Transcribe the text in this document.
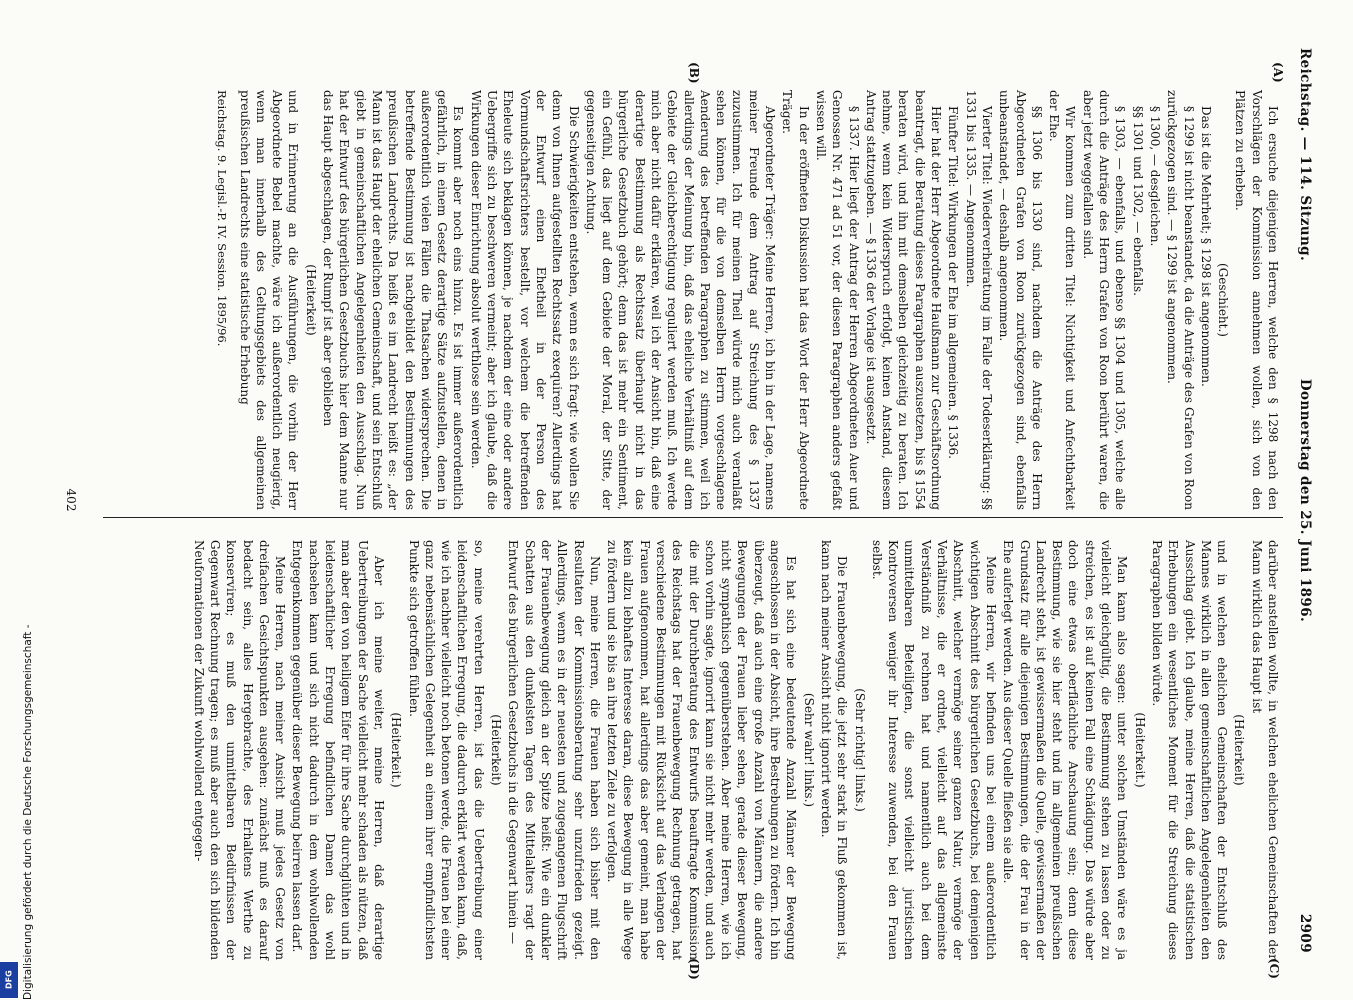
Reichstag. — 114. Sitzung.
Donnerstag den 25. Juni 1896.
2909
(A)
(B)
(C)
(D)

Ich ersuche diejenigen Herren, welche den § 1298 nach den Vorschlägen der Kommission annehmen wollen, sich von den Plätzen zu erheben.

(Geschieht.)

Das ist die Mehrheit; § 1298 ist angenommen.

§ 1299 ist nicht beanstandet, da die Anträge des Grafen von Roon zurückgezogen sind. — § 1299 ist angenommen.

§ 1300, — desgleichen.

§§ 1301 und 1302, — ebenfalls.

§ 1303, — ebenfalls, und ebenso §§ 1304 und 1305, welche alle durch die Anträge des Herrn Grafen von Roon berührt waren, die aber jetzt weggefallen sind.

Wir kommen zum dritten Titel: Nichtigkeit und Anfechtbarkeit der Ehe.

§§ 1306 bis 1330 sind, nachdem die Anträge des Herrn Abgeordneten Grafen von Roon zurückgezogen sind, ebenfalls unbeanstandet, — deshalb angenommen.

Vierter Titel: Wiederverheiratung im Falle der Todeserklärung: §§ 1331 bis 1335. — Angenommen.

Fünfter Titel: Wirkungen der Ehe im allgemeinen. § 1336.

Hier hat der Herr Abgeordnete Haußmann zur Geschäftsordnung beantragt, die Beratung dieses Paragraphen auszusetzen, bis § 1554 beraten wird, und ihn mit demselben gleichzeitig zu beraten. Ich nehme, wenn kein Widerspruch erfolgt, keinen Anstand, diesem Antrag stattzugeben. — § 1336 der Vorlage ist ausgesetzt.

§ 1337. Hier liegt der Antrag der Herren Abgeordneten Auer und Genossen Nr. 471 ad 51 vor, der diesen Paragraphen anders gefaßt wissen will.

In der eröffneten Diskussion hat das Wort der Herr Abgeordnete Träger.

Abgeordneter Träger: Meine Herren, ich bin in der Lage, namens meiner Freunde dem Antrag auf Streichung des § 1337 zuzustimmen. Ich für meinen Theil würde mich auch veranlaßt sehen können, für die von demselben Herrn vorgeschlagene Aenderung des betreffenden Paragraphen zu stimmen, weil ich allerdings der Meinung bin, daß das eheliche Verhältniß auf dem Gebiete der Gleichberechtigung reguliert werden muß. Ich werde mich aber nicht dafür erklären, weil ich der Ansicht bin, daß eine derartige Bestimmung als Rechtssatz überhaupt nicht in das bürgerliche Gesetzbuch gehört; denn das ist mehr ein Sentiment, ein Gefühl, das liegt auf dem Gebiete der Moral, der Sitte, der gegenseitigen Achtung.

Die Schwierigkeiten entstehen, wenn es sich fragt: wie wollen Sie denn von Ihnen aufgestellten Rechtssatz exequiren? Allerdings hat der Entwurf einen Ehetheil in der Person des Vormundschaftsrichters bestellt, vor welchem die betreffenden Eheleute sich beklagen können, je nachdem der eine oder andere Uebergriffe sich zu beschweren vermeint; aber ich glaube, daß die Wirkungen dieser Einrichtung absolut werthlose sein werden.

Es kommt aber noch eins hinzu. Es ist immer außerordentlich gefährlich, in einem Gesetz derartige Sätze aufzustellen, denen in außerordentlich vielen Fällen die Thatsachen widersprechen. Die betreffende Bestimmung ist nachgebildet den Bestimmungen des preußischen Landrechts. Da heißt es im Landrecht heißt es: „der Mann ist das Haupt der ehelichen Gemeinschaft, und sein Entschluß giebt in gemeinschaftlichen Angelegenheiten den Ausschlag. Nun hat der Entwurf des bürgerlichen Gesetzbuchs hier dem Manne nur das Haupt abgeschlagen, der Rumpf ist aber geblieben

(Heiterkeit)

und in Erinnerung an die Ausführungen, die vorhin der Herr Abgeordnete Bebel machte, wäre ich außerordentlich neugierig, wenn man innerhalb des Geltungsgebiets des allgemeinen preußischen Landrechts eine statistische Erhebung

Reichstag. 9. Legisl.-P. IV. Session. 1895/96.

darüber anstellen wollte, in welchen ehelichen Gemeinschaften der Mann wirklich das Haupt ist

(Heiterkeit)

und in welchen ehelichen Gemeinschaften der Entschluß des Mannes wirklich in allen gemeinschaftlichen Angelegenheiten den Ausschlag giebt. Ich glaube, meine Herren, daß die statistischen Erhebungen ein wesentliches Moment für die Streichung dieses Paragraphen bilden würde.

(Heiterkeit.)

Man kann also sagen: unter solchen Umständen wäre es ja vielleicht gleichgültig, die Bestimmung stehen zu lassen oder zu streichen, es ist auf keinen Fall eine Schädigung. Das würde aber doch eine etwas oberflächliche Anschauung sein; denn diese Bestimmung, wie sie hier steht und im allgemeinen preußischen Landrecht steht, ist gewissermaßen die Quelle, gewissermaßen der Grundsatz für alle diejenigen Bestimmungen, die der Frau in der Ehe auferlegt werden. Aus dieser Quelle fließen sie alle.

Meine Herren, wir befinden uns bei einem außerordentlich wichtigen Abschnitt des bürgerlichen Gesetzbuchs, bei demjenigen Abschnitt, welcher vermöge seiner ganzen Natur, vermöge der Verhältnisse, die er ordnet, vielleicht auf das allgemeinste Verständniß zu rechnen hat und namentlich auch bei dem unmittelbaren Beteiligten, die sonst vielleicht juristischen Kontroversen weniger ihr Interesse zuwenden, bei den Frauen selbst.

(Sehr richtig! links.)

Die Frauenbewegung, die jetzt sehr stark in Fluß gekommen ist, kann nach meiner Ansicht nicht ignorirt werden.

(Sehr wahr! links.)

Es hat sich eine bedeutende Anzahl Männer der Bewegung angeschlossen in der Absicht, ihre Bestrebungen zu fördern. Ich bin überzeugt, daß auch eine große Anzahl von Männern, die andere Bewegungen der Frauen lieber sehen, gerade dieser Bewegung, nicht sympathisch gegenüberstehen. Aber meine Herren, wie ich schon vorhin sagte, ignorirt kann sie nicht mehr werden, und auch die mit der Durchberatung des Entwurfs beauftragte Kommission des Reichstags hat der Frauenbewegung Rechnung getragen, hat verschiedene Bestimmungen mit Rücksicht auf das Verlangen der Frauen aufgenommen, hat allerdings das aber gemeint, man habe kein allzu lebhaftes Interesse daran, diese Bewegung in alle Wege zu fördern und sie bis an ihre letzten Ziele zu verfolgen.

Nun, meine Herren, die Frauen haben sich bisher mit den Resultaten der Kommissionsberatung sehr unzufrieden gezeigt. Allerdings, wenn es in der neuesten und zugegangenen Flugschrift der Frauenbewegung gleich an der Spitze heißt: Wie ein dunkler Schatten aus den dunkelsten Tagen des Mittelalters ragt der Entwurf des bürgerlichen Gesetzbuchs in die Gegenwart hinein —

(Heiterkeit)

so, meine verehrten Herren, ist das die Uebertreibung einer leidenschaftlichen Erregung, die dadurch erklärt werden kann, daß, wie ich nachher vielleicht noch betonen werde, die Frauen bei einer ganz nebensächlichen Gelegenheit an einem ihrer empfindlichsten Punkte sich getroffen fühlen.

(Heiterkeit.)

Aber ich meine weiter, meine Herren, daß derartige Uebertreibungen der Sache vielleicht mehr schaden als nützen, daß man aber den von heiligem Eifer für ihre Sache durchglühten und in leidenschaftlicher Erregung befindlichen Damen das wohl nachsehen kann und sich nicht dadurch in dem wohlwollenden Entgegenkommen gegenüber dieser Bewegung beirren lassen darf.

Meine Herren, nach meiner Ansicht muß jedes Gesetz von dreifachen Gesichtspunkten ausgehen: zunächst muß es darauf bedacht sein, alles Hergebrachte, des Erhaltens Werthe zu konserviren; es muß den unmittelbaren Bedürfnissen der Gegenwart Rechnung tragen; es muß aber auch den sich bildenden Neuformationen der Zukunft wohlwollend entgegen-

402
Digitalisierung gefördert durch die Deutsche Forschungsgemeinschaft -
DFG
